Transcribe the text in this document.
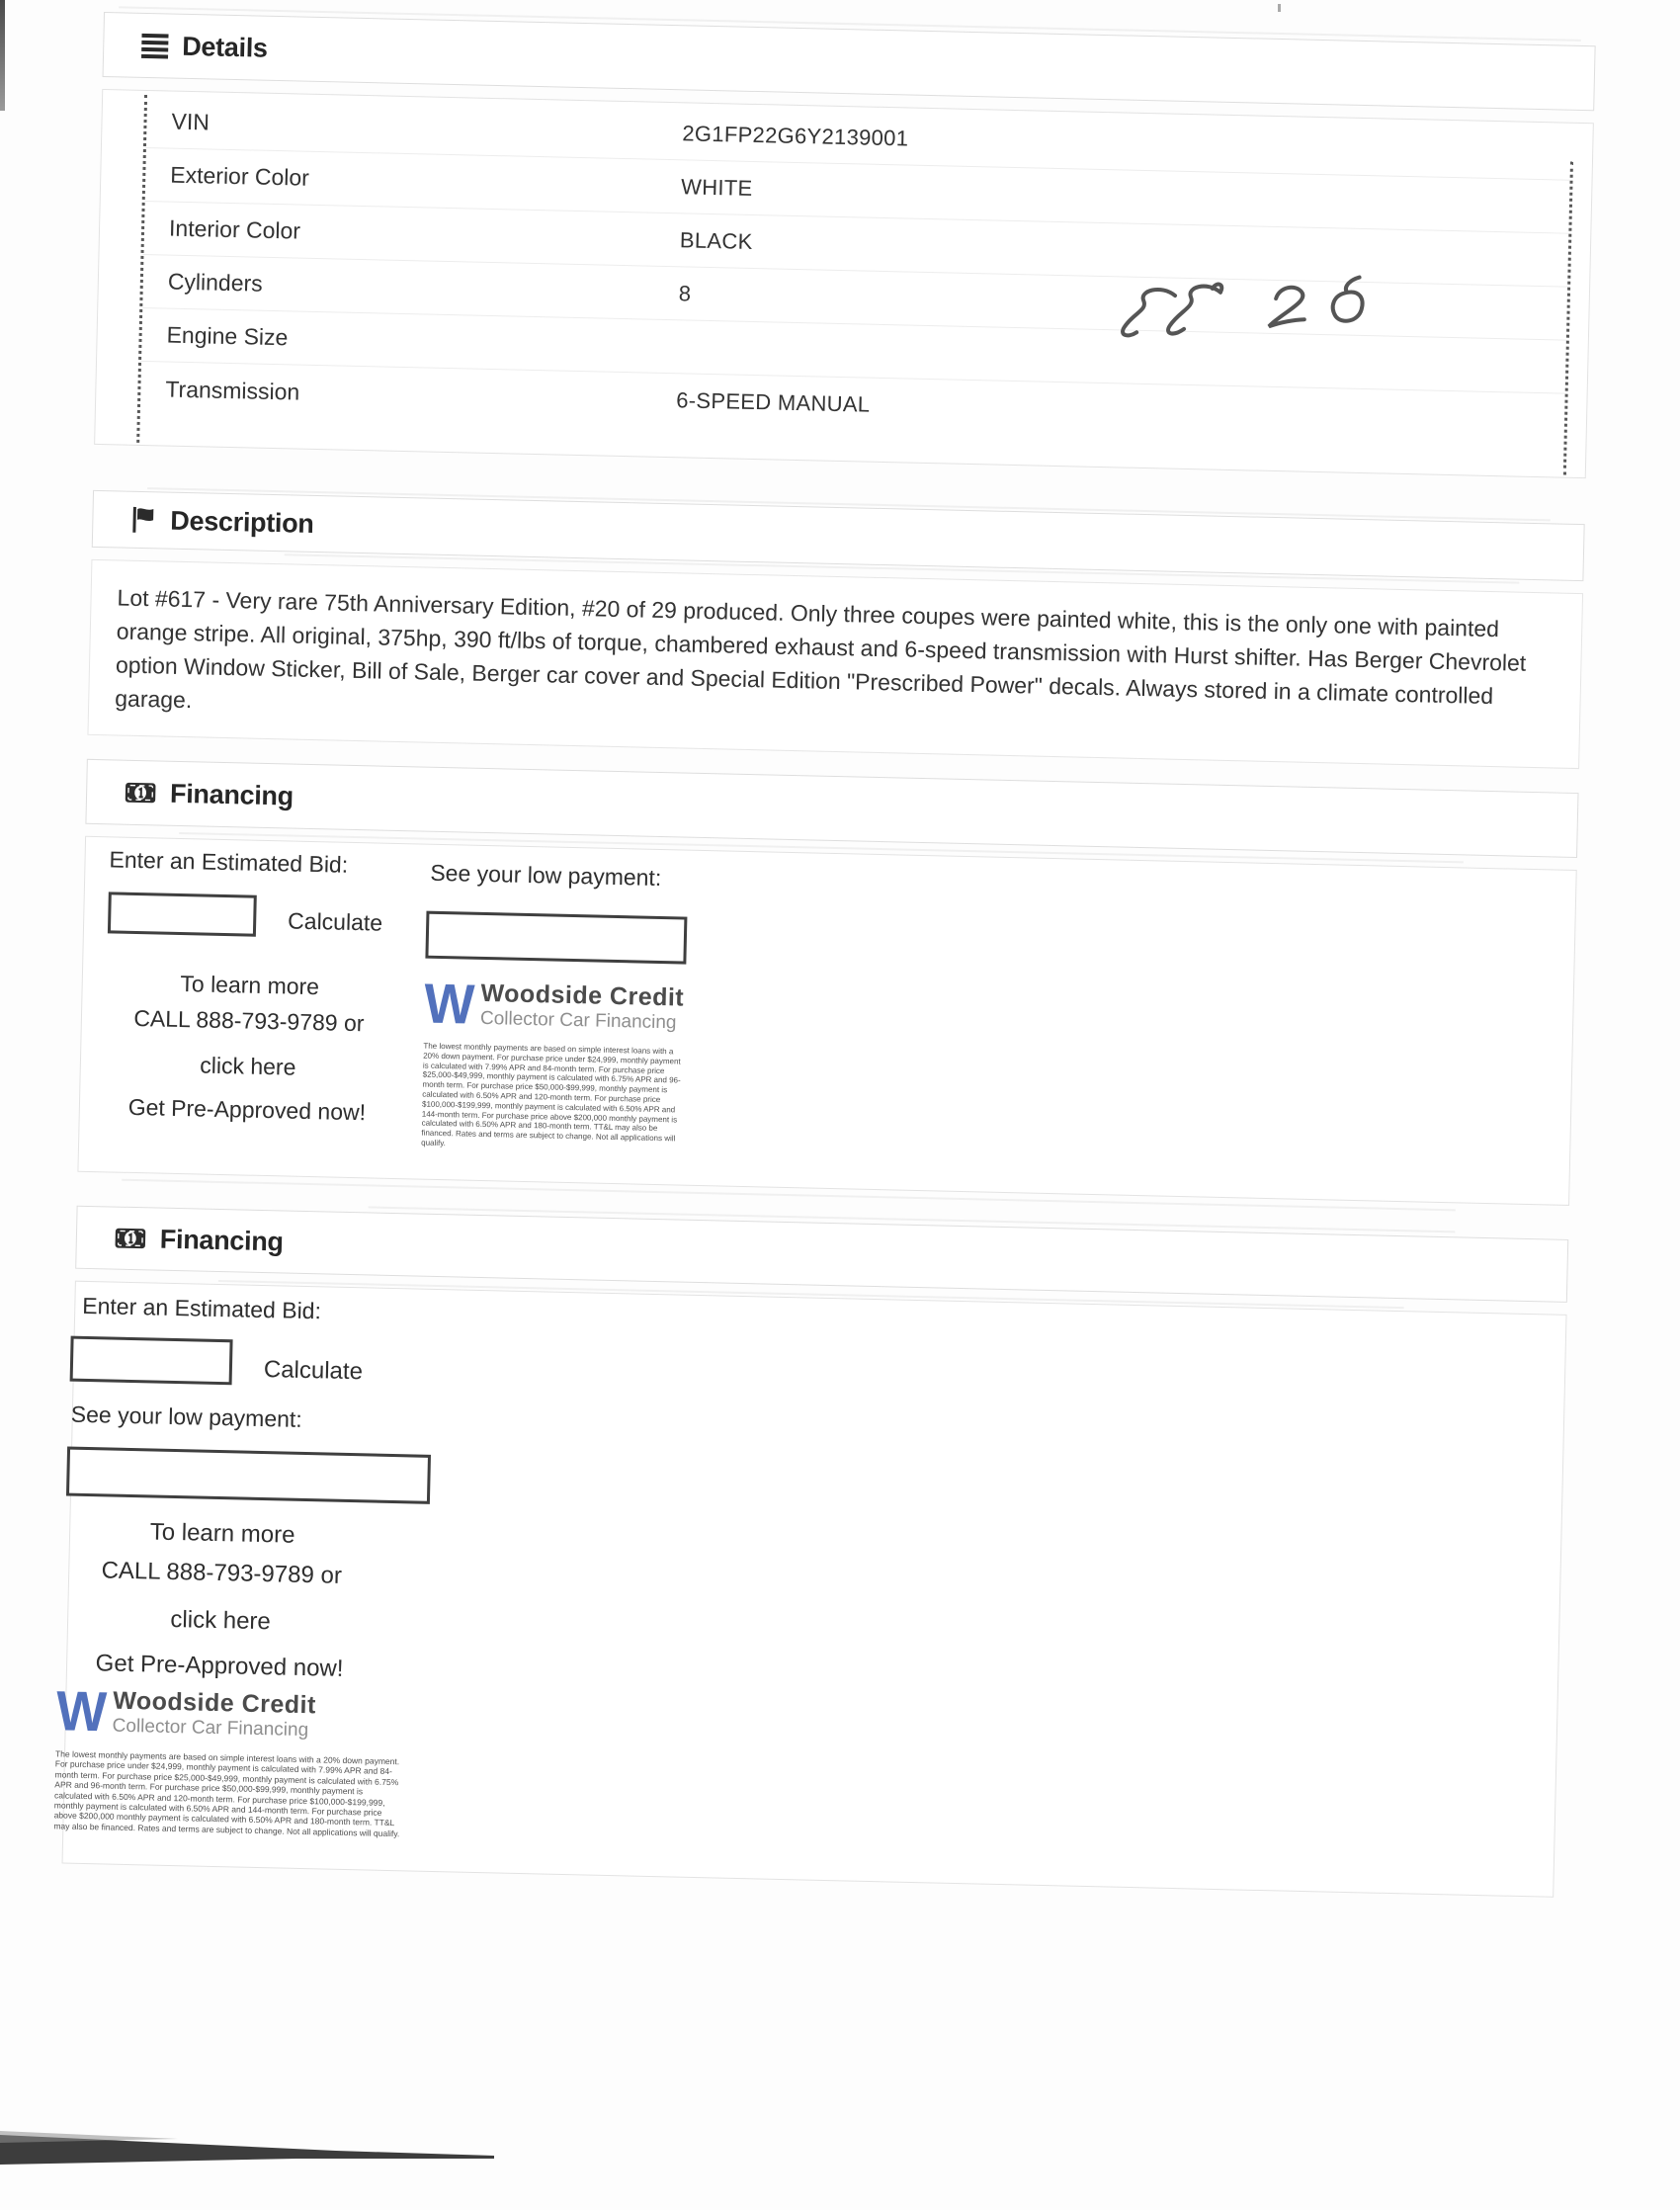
Details
VIN	2G1FP22G6Y2139001
Exterior Color	WHITE
Interior Color	BLACK
Cylinders	8
Engine Size
Transmission	6-SPEED MANUAL
Description
Lot #617 - Very rare 75th Anniversary Edition, #20 of 29 produced. Only three coupes were painted white, this is the only one with painted orange stripe. All original, 375hp, 390 ft/lbs of torque, chambered exhaust and 6-speed transmission with Hurst shifter. Has Berger Chevrolet option Window Sticker, Bill of Sale, Berger car cover and Special Edition "Prescribed Power" decals. Always stored in a climate controlled garage.
Financing
Enter an Estimated Bid:
Calculate
See your low payment:
To learn more
CALL 888-793-9789 or
click here
Get Pre-Approved now!
W Woodside Credit
Collector Car Financing
The lowest monthly payments are based on simple interest loans with a 20% down payment. For purchase price under $24,999, monthly payment is calculated with 7.99% APR and 84-month term. For purchase price $25,000-$49,999, monthly payment is calculated with 6.75% APR and 96-month term. For purchase price $50,000-$99,999, monthly payment is calculated with 6.50% APR and 120-month term. For purchase price $100,000-$199,999, monthly payment is calculated with 6.50% APR and 144-month term. For purchase price above $200,000 monthly payment is calculated with 6.50% APR and 180-month term. TT&L may also be financed. Rates and terms are subject to change. Not all applications will qualify.
Financing
Enter an Estimated Bid:
Calculate
See your low payment:
To learn more
CALL 888-793-9789 or
click here
Get Pre-Approved now!
W Woodside Credit
Collector Car Financing
The lowest monthly payments are based on simple interest loans with a 20% down payment. For purchase price under $24,999, monthly payment is calculated with 7.99% APR and 84-month term. For purchase price $25,000-$49,999, monthly payment is calculated with 6.75% APR and 96-month term. For purchase price $50,000-$99,999, monthly payment is calculated with 6.50% APR and 120-month term. For purchase price $100,000-$199,999, monthly payment is calculated with 6.50% APR and 144-month term. For purchase price above $200,000 monthly payment is calculated with 6.50% APR and 180-month term. TT&L may also be financed. Rates and terms are subject to change. Not all applications will qualify.
